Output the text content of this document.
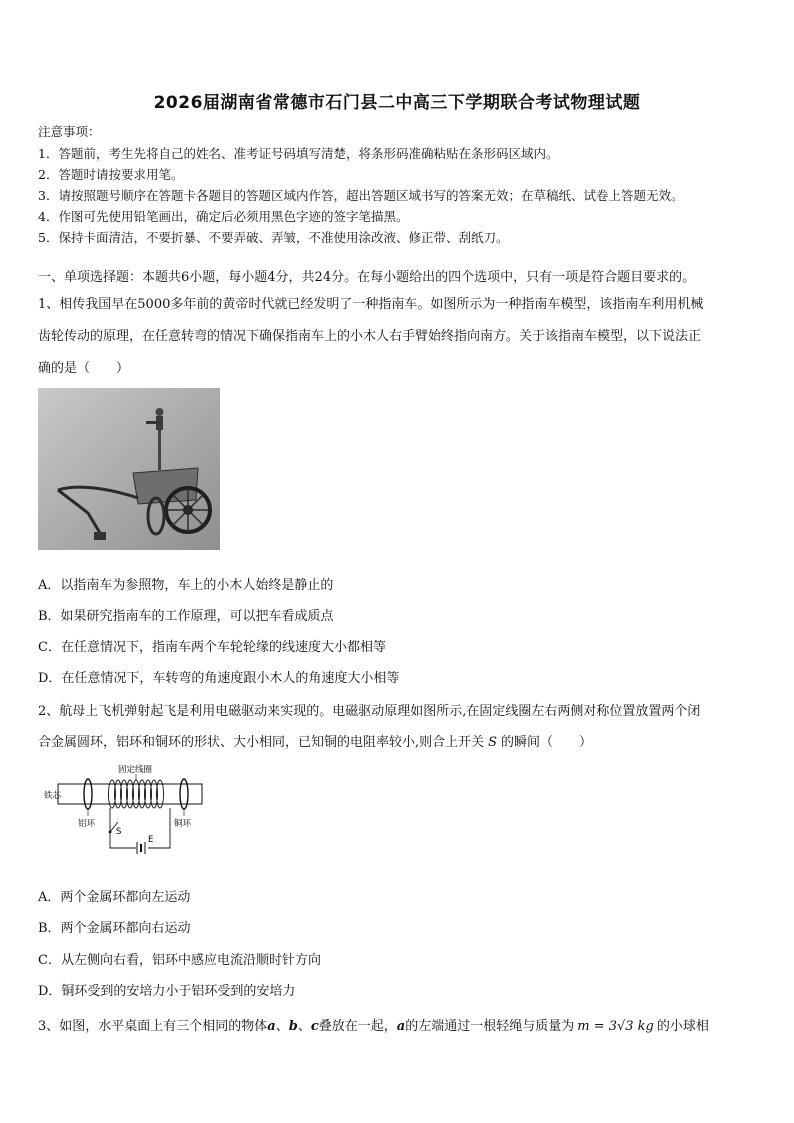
2026届湖南省常德市石门县二中高三下学期联合考试物理试题
注意事项：
1．答题前，考生先将自己的姓名、准考证号码填写清楚，将条形码准确粘贴在条形码区域内。
2．答题时请按要求用笔。
3．请按照题号顺序在答题卡各题目的答题区域内作答，超出答题区域书写的答案无效；在草稿纸、试卷上答题无效。
4．作图可先使用铅笔画出，确定后必须用黑色字迹的签字笔描黑。
5．保持卡面清洁，不要折暴、不要弄破、弄皱，不准使用涂改液、修正带、刮纸刀。
一、单项选择题：本题共6小题，每小题4分，共24分。在每小题给出的四个选项中，只有一项是符合题目要求的。
1、相传我国早在5000多年前的黄帝时代就已经发明了一种指南车。如图所示为一种指南车模型，该指南车利用机械
齿轮传动的原理，在任意转弯的情况下确保指南车上的小木人右手臂始终指向南方。关于该指南车模型，以下说法正
确的是（　　）
A．以指南车为参照物，车上的小木人始终是静止的
B．如果研究指南车的工作原理，可以把车看成质点
C．在任意情况下，指南车两个车轮轮缘的线速度大小都相等
D．在任意情况下，车转弯的角速度跟小木人的角速度大小相等
2、航母上飞机弹射起飞是利用电磁驱动来实现的。电磁驱动原理如图所示,在固定线圈左右两侧对称位置放置两个闭
合金属圆环，铝环和铜环的形状、大小相同，已知铜的电阻率较小,则合上开关 S 的瞬间（　　）
固定线圈
铁芯
铝环	铜环
S
E
A．两个金属环都向左运动
B．两个金属环都向右运动
C．从左侧向右看，铝环中感应电流沿顺时针方向
D．铜环受到的安培力小于铝环受到的安培力
3、如图，水平桌面上有三个相同的物体a、b、c叠放在一起，a的左端通过一根轻绳与质量为 m = 3√3 kg 的小球相
